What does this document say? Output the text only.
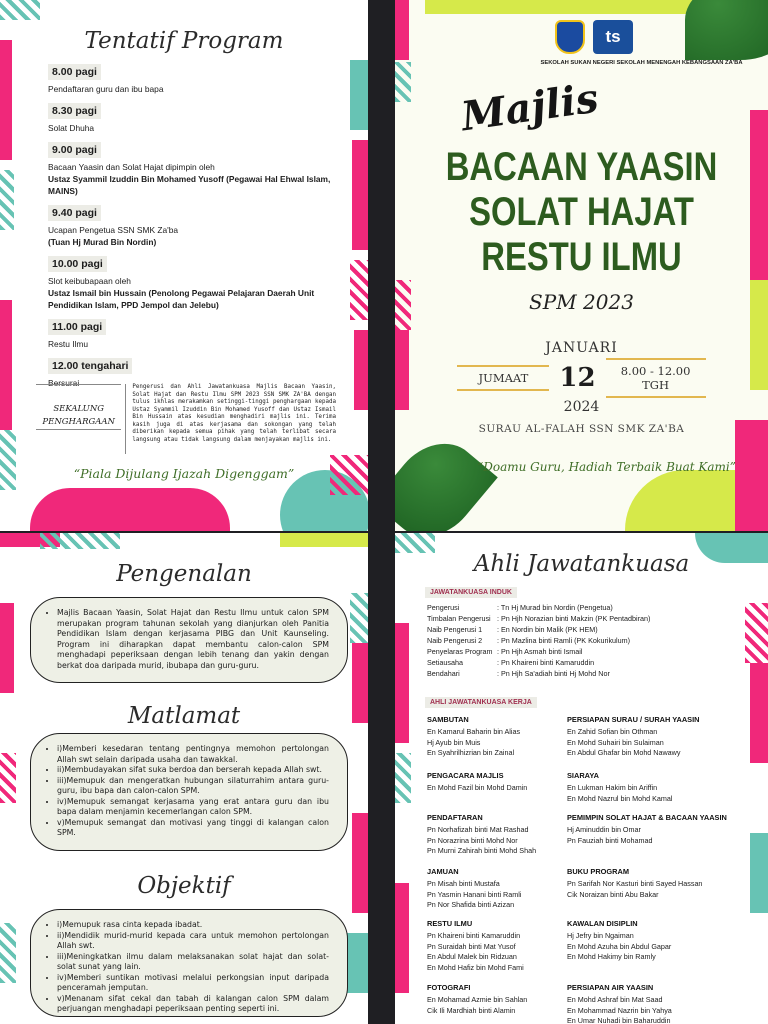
Tentatif Program
8.00 pagi
Pendaftaran guru dan ibu bapa
8.30 pagi
Solat Dhuha
9.00 pagi
Bacaan Yaasin dan Solat Hajat dipimpin oleh
Ustaz Syammil Izuddin Bin Mohamed Yusoff (Pegawai Hal Ehwal Islam, MAINS)
9.40 pagi
Ucapan Pengetua SSN SMK Za'ba
(Tuan Hj Murad Bin Nordin)
10.00 pagi
Slot keibubapaan oleh
Ustaz Ismail bin Hussain (Penolong Pegawai Pelajaran Daerah Unit Pendidikan Islam, PPD Jempol dan Jelebu)
11.00 pagi
Restu Ilmu
12.00 tengahari
Bersurai
SEKALUNG PENGHARGAAN
Pengerusi dan Ahli Jawatankuasa Majlis Bacaan Yaasin, Solat Hajat dan Restu Ilmu SPM 2023 SSN SMK ZA'BA dengan tulus ikhlas merakamkan setinggi-tinggi penghargaan kepada Ustaz Syammil Izuddin Bin Mohamed Yusoff dan Ustaz Ismail Bin Hussain atas kesudian menghadiri majlis ini. Terima kasih juga di atas kerjasama dan sokongan yang telah diberikan kepada semua pihak yang telah terlibat secara langsung atau tidak langsung dalam menjayakan majlis ini.
“Piala Dijulang Ijazah Digenggam”
ts
SEKOLAH SUKAN NEGERI SEKOLAH MENENGAH KEBANGSAAN ZA'BA
Majlis
BACAAN YAASIN
SOLAT HAJAT
RESTU ILMU
SPM 2023
JANUARI
JUMAAT	12	8.00 - 12.00 TGH
2024
SURAU AL-FALAH SSN SMK ZA'BA
“Doamu Guru, Hadiah Terbaik Buat Kami”
Pengenalan
• Majlis Bacaan Yaasin, Solat Hajat dan Restu Ilmu untuk calon SPM merupakan program tahunan sekolah yang dianjurkan oleh Panitia Pendidikan Islam dengan kerjasama PIBG dan Unit Kaunseling. Program ini diharapkan dapat membantu calon-calon SPM menghadapi peperiksaan dengan lebih tenang dan yakin dengan berkat doa daripada murid, ibubapa dan guru-guru.
Matlamat
• i)Memberi kesedaran tentang pentingnya memohon pertolongan Allah swt selain daripada usaha dan tawakkal.
• ii)Membudayakan sifat suka berdoa dan berserah kepada Allah swt.
• iii)Memupuk dan mengeratkan hubungan silaturrahim antara guru-guru, ibu bapa dan calon-calon SPM.
• iv)Memupuk semangat kerjasama yang erat antara guru dan ibu bapa dalam menjamin kecemerlangan calon SPM.
• v)Memupuk semangat dan motivasi yang tinggi di kalangan calon SPM.
Objektif
• i)Memupuk rasa cinta kepada ibadat.
• ii)Mendidik murid-murid kepada cara untuk memohon pertolongan Allah swt.
• iii)Meningkatkan ilmu dalam melaksanakan solat hajat dan solat-solat sunat yang lain.
• iv)Memberi suntikan motivasi melalui perkongsian input daripada penceramah jemputan.
• v)Menanam sifat cekal dan tabah di kalangan calon SPM dalam perjuangan menghadapi peperiksaan penting seperti ini.
Ahli Jawatankuasa
JAWATANKUASA INDUK
Pengerusi	: Tn Hj Murad bin Nordin (Pengetua)
Timbalan Pengerusi : Pn Hjh Norazian binti Makzin (PK Pentadbiran)
Naib Pengerusi 1 : En Nordin bin Malik (PK HEM)
Naib Pengerusi 2 : Pn Mazlina binti Ramli (PK Kokurikulum)
Penyelaras Program : Pn Hjh Asmah binti Ismail
Setiausaha	: Pn Khaireni binti Kamaruddin
Bendahari	: Pn Hjh Sa'adiah binti Hj Mohd Nor
AHLI JAWATANKUASA KERJA
SAMBUTAN
En Kamarul Baharin bin Alias
Hj Ayub bin Muis
En Syahrilhizrian bin Zainal
PENGACARA MAJLIS
En Mohd Fazil bin Mohd Damin
PENDAFTARAN
Pn Norhafizah binti Mat Rashad
Pn Norazrina binti Mohd Nor
Pn Murni Zahirah binti Mohd Shah
JAMUAN
Pn Misah binti Mustafa
Pn Yasmin Hanani binti Ramli
Pn Nor Shafida binti Azizan
RESTU ILMU
Pn Khaireni binti Kamaruddin
Pn Suraidah binti Mat Yusof
En Abdul Malek bin Ridzuan
En Mohd Hafiz bin Mohd Fami
FOTOGRAFI
En Mohamad Azmie bin Sahlan
Cik Ili Mardhiah binti Alamin
PERSIAPAN SURAU / SURAH YAASIN
En Zahid Sofian bin Othman
En Mohd Suhairi bin Sulaiman
En Abdul Ghafar bin Mohd Nawawy
SIARAYA
En Lukman Hakim bin Ariffin
En Mohd Nazrul bin Mohd Kamal
PEMIMPIN SOLAT HAJAT & BACAAN YAASIN
Hj Aminuddin bin Omar
Pn Fauziah binti Mohamad
BUKU PROGRAM
Pn Sarifah Nor Kasturi binti Sayed Hassan
Cik Noraizan binti Abu Bakar
KAWALAN DISIPLIN
Hj Jefry bin Ngaiman
En Mohd Azuha bin Abdul Gapar
En Mohd Hakimy bin Ramly
PERSIAPAN AIR YAASIN
En Mohd Ashraf bin Mat Saad
En Mohammad Nazrin bin Yahya
En Umar Nuhadi bin Baharuddin
